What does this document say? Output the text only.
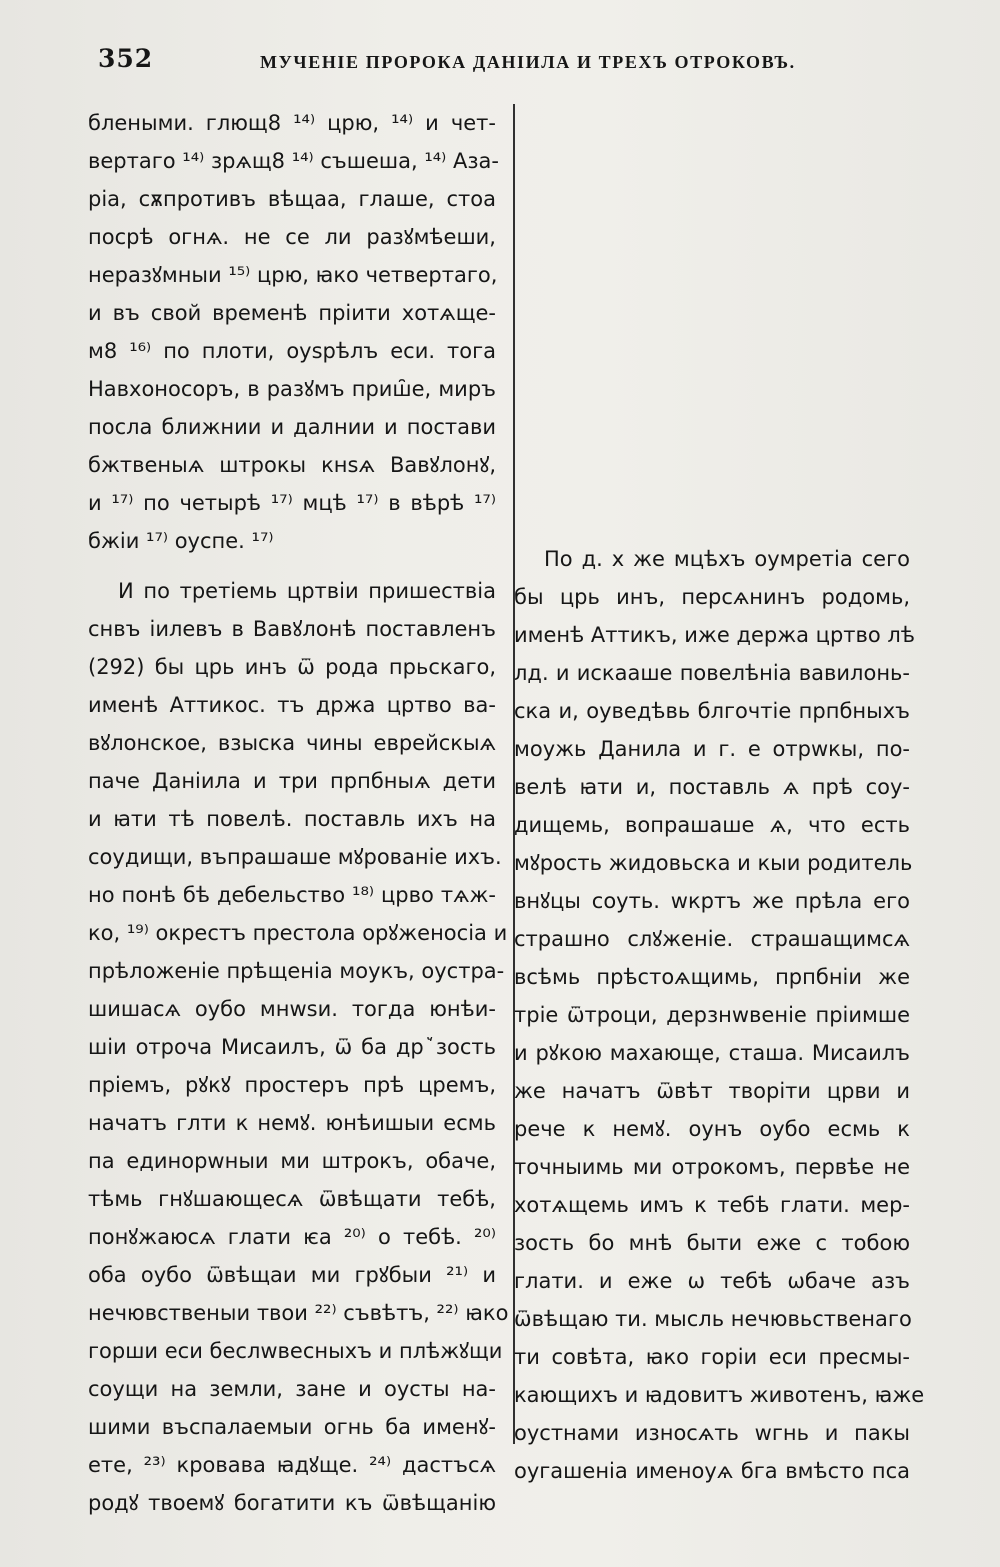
352	МУЧЕНІЕ ПРОРОКА ДАНІИЛА И ТРЕХЪ ОТРОКОВЪ.
блеными. глющ8 ¹⁴⁾ црю, ¹⁴⁾ и чет-
вертаго ¹⁴⁾ зрѧщ8 ¹⁴⁾ съшеша, ¹⁴⁾ Аза-
ріа, сѫпротивъ вѣщаа, глаше, стоа
посрѣ огнѧ. не се ли разꙋмѣеши,
неразꙋмныи ¹⁵⁾ црю, ꙗко четвертаго,
и въ свой временѣ пріити хотѧще-
м8 ¹⁶⁾ по плоти, оуѕрѣлъ еси. тога
Навхоносоръ, в разꙋмъ приш̑е, миръ
посла ближнии и далнии и постави
бжтвеныѧ штрокы кнѕѧ Вавꙋлонꙋ,
и ¹⁷⁾ по четырѣ ¹⁷⁾ мцѣ ¹⁷⁾ в вѣрѣ ¹⁷⁾
бжіи ¹⁷⁾ оуспе. ¹⁷⁾
И по третіемь цртвіи пришествіа
снвъ іилевъ в Вавꙋлонѣ поставленъ
(292) бы црь инъ ѿ рода прьскаго,
именѣ Аттикос. тъ држа цртво ва-
вꙋлонское, взыска чины еврейскыѧ
паче Даніила и три прпбныѧ дети
и ꙗти тѣ повелѣ. поставль ихъ на
соудищи, въпрашаше мꙋрованіе ихъ.
но понѣ бѣ дебельство ¹⁸⁾ црво тѧж-
ко, ¹⁹⁾ окрестъ престола орꙋженосіа и
прѣложеніе прѣщеніа моукъ, оустра-
шишасѧ оубо мнwѕи. тогда юнѣи-
шіи отроча Мисаилъ, ѿ ба дрꙿзость
пріемъ, рꙋкꙋ простеръ прѣ цремъ,
начатъ глти к немꙋ. юнѣишыи есмь
па единорwныи ми штрокъ, обаче,
тѣмь гнꙋшающесѧ ѿвѣщати тебѣ,
понꙋжаюсѧ глати ѥа ²⁰⁾ о тебѣ. ²⁰⁾
оба оубо ѿвѣщаи ми грꙋбыи ²¹⁾ и
нечювственыи твои ²²⁾ съвѣтъ, ²²⁾ ꙗко
горши еси беслwвесныхъ и плѣжꙋщи
соущи на земли, зане и оусты на-
шими въспалаемыи огнь ба именꙋ-
ете, ²³⁾ кровава ꙗдꙋще. ²⁴⁾ дастъсѧ
родꙋ твоемꙋ богатити къ ѿвѣщанію
По д. х же мцѣхъ оумретіа сего
бы црь инъ, персѧнинъ родомь,
именѣ Аттикъ, иже держа цртво лѣ
лд. и искааше повелѣніа вавилонь-
ска и, оуведѣвь блгочтіе прпбныхъ
моужь Данила и г. е отрwкы, по-
велѣ ꙗти и, поставль ѧ прѣ соу-
дищемь, вопрашаше ѧ, что есть
мꙋрость жидовьска и кыи родитель
внꙋцы соуть. wкртъ же прѣла его
страшно слꙋженіе. страшащимсѧ
всѣмь прѣстоѧщимь, прпбніи же
тріе ѿтроци, дерзнwвеніе пріимше
и рꙋкою махающе, сташа. Мисаилъ
же начатъ ѿвѣт творіти црви и
рече к немꙋ. оунъ оубо есмь к
точныимь ми отрокомъ, первѣе не
хотѧщемь имъ к тебѣ глати. мер-
зость бо мнѣ быти еже с тобою
глати. и еже ѡ тебѣ ѡбаче азъ
ѿвѣщаю ти. мысль нечювьственаго
ти совѣта, ꙗко горіи еси пресмы-
кающихъ и ꙗдовитъ животенъ, ꙗже
оустнами изнoсѧть wгнь и пакы
оугашеніа именоуѧ бга вмѣсто пса
